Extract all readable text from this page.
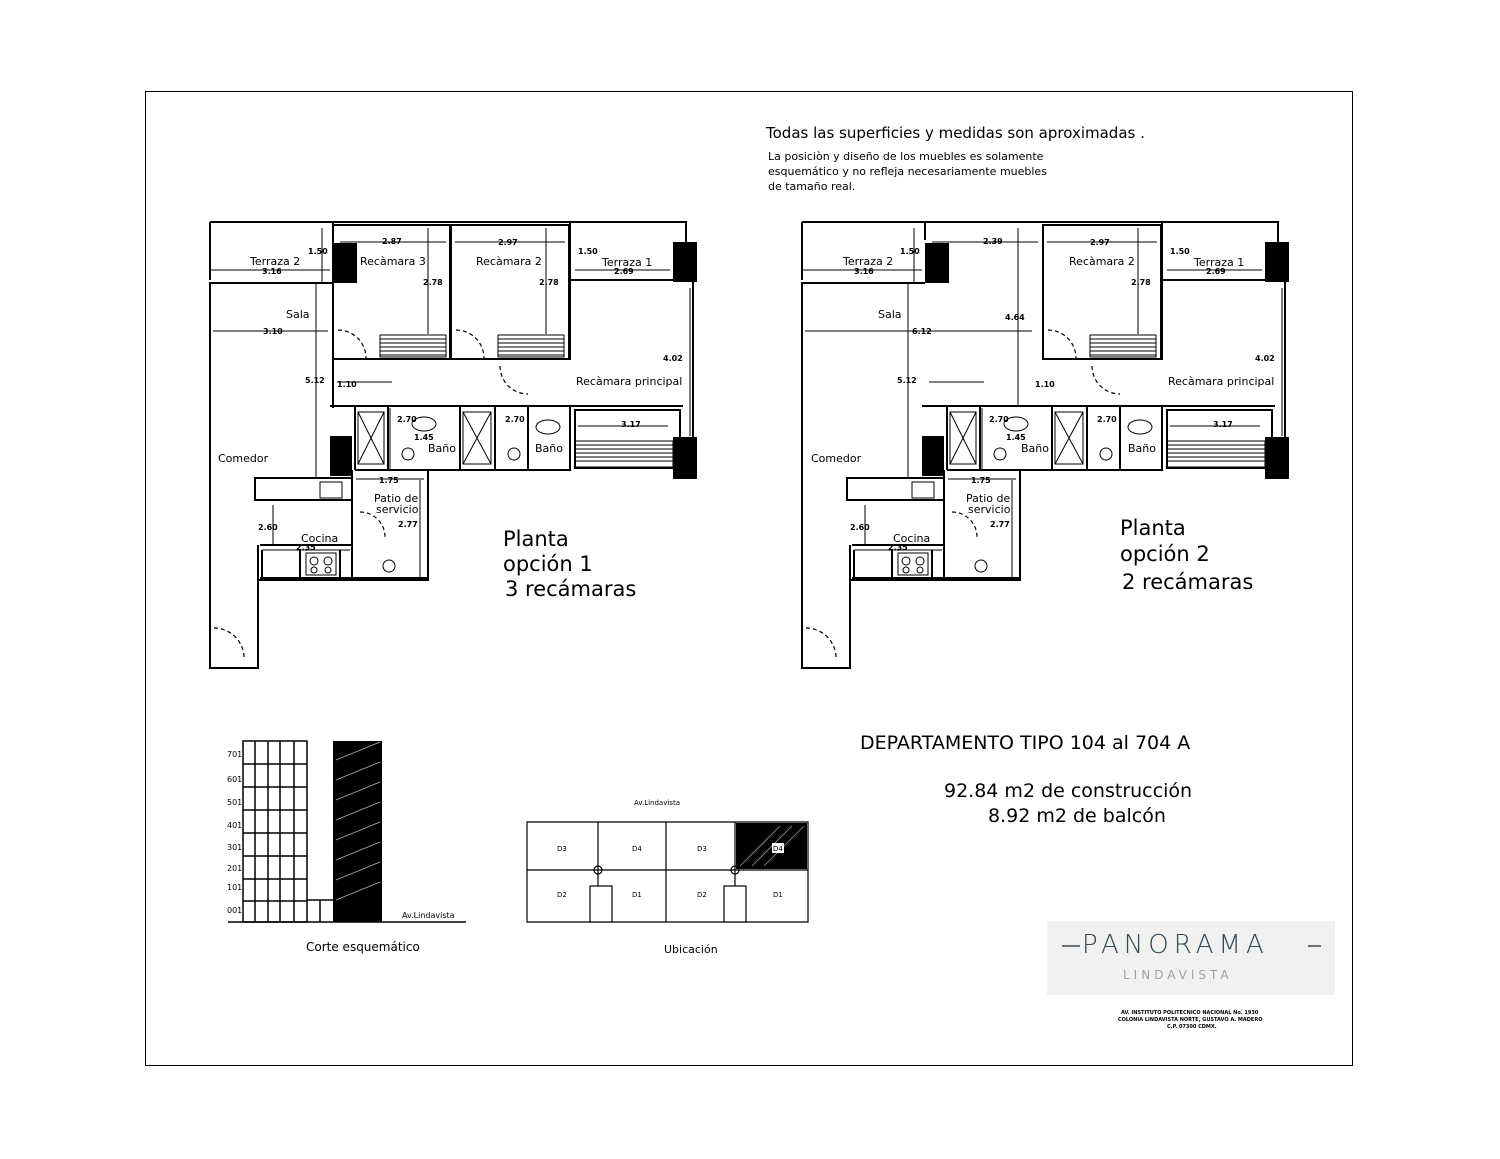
Todas las superficies y medidas son aproximadas .
La posiciòn y diseño de los muebles es solamente
esquemático y no refleja necesariamente muebles
de tamaño real.
Terraza 2	Recàmara 3	Recàmara 2	Terraza 1
Sala
Recàmara principal
Comedor
Baño	Baño
Patio de
servicio
Cocina
1.50
2.87	2.97
1.50
3.16	2.69
2.78	2.78
3.10
4.02
5.12 1.10
2.70	2.70
1.45
3.17
1.75
2.60	2.77
2.35	Planta
opción 1
3 recámaras
Terraza 2	Recàmara 2	Terraza 1
Sala
Recàmara principal
Comedor
Baño	Baño
Patio de
servicio
Cocina
1.50
2.39	2.97
1.50
3.16	2.69
2.78
6.12
4.64
4.02
5.12	1.10
2.70	2.70
1.45
3.17
1.75
2.60	2.77
2.35
Planta
opción 2
2 recámaras
DEPARTAMENTO TIPO 104 al 704 A
92.84 m2 de construcción
8.92 m2 de balcón
701
601
501
401
301
201
101
001
Av.Lindavista
Corte esquemático
Av.Lindavista
D3	D4	D3	D4
D2	D1	D2	D1
Ubicación	PANORAMA
LINDAVISTA
AV. INSTITUTO POLITECNICO NACIONAL No. 1930
COLONIA LINDAVISTA NORTE, GUSTAVO A. MADERO
C.P. 07300 CDMX.
